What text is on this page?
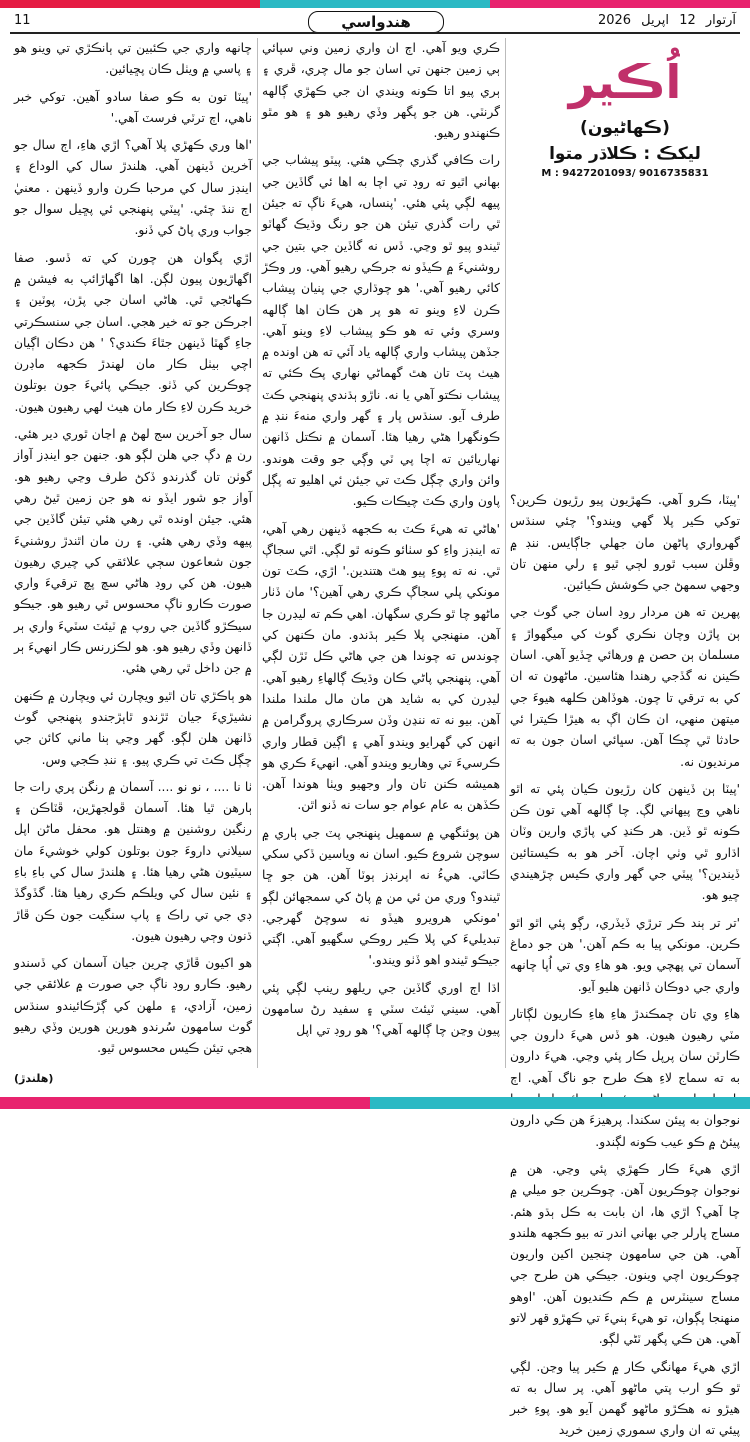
11	هندواسي	آرتوار 12 اپريل 2026
اُڪير
(ڪهاڻيون)
ليکڪ : ڪلاڌر متوا
M : 9427201093/ 9016735831

'پيٽا، ڪرو آهي. ڪهڙيون پيو رڙيون ڪرين؟ توکي ڪير پلا گهي ويندو؟' چئي سنڌس گهرواري پاڻهن مان جهلي جاڳايس. ننڊ ۾ وڦلن سبب ٿورو لڄي ٿيو ۽ رلي منهن تان وجهي سمهڻ جي ڪوشش ڪيائين.

پهرين ته هن مردار روڊ اسان جي گوٺ جي ٻن پاڙن وچان نڪري گوٺ کي ميگهواڙ ۽ مسلمان ٻن حصن ۾ ورهائي ڇڏيو آهي. اسان ڪينن نه گڏجي رهندا هئاسين. ماڻهون ته ان کي به ترقي تا چون. هوڏاهن ڪلهه هيوءَ جي ميتهن منهي، ان ڪان اڳ به هيڙا ڪيترا ئي حادثا ٿي چڪا آهن. سڀائي اسان جون به ته مرندیون نه.

'پيٽا ٻن ڏينهن کان رڙيون ڪيان پئي ته اٿو ناهي وڃ پيهاني لڳ. چا ڳالهه آهي تون ڪن ڪونه ٿو ڏين. هر ڪنڍ کي پاڙي وارين وٽان اڌارو ٿي وٺي اچان. آخر هو به ڪيستائين ڏيندين؟' پيٽي جي گهر واري ڪيس چڙهيندي چيو هو.

'تر تر ٻند ڪر ترڙي ڏيڏري، رڳو پئي اٿو اٿو ڪرين. مونکي پيا به ڪم آهن.' هن جو دماغ آسمان تي پهچي ويو. هو هاءِ وي تي اُپا چانهه واري جي دوڪان ڏانهن هليو آيو.

هاءِ وي تان چمڪندڙ هاءِ هاءِ ڪاريون لڳاتار مٽي رهيون هيون. هو ڏس هيءَ دارون جي ڪارٽن سان پرپل ڪار پئي وڃي. هيءَ دارون به ته سماج لاءِ هڪ طرح جو ناگ آهي. اڄ نوجوان به پيئن سکندا. پرهيزءَ هن ڪي دارون پيئڻ ۾ ڪو عيب ڪونه لڳندو.

اڙي هيءَ ڪار ڪهڙي پئي وڃي. هن ۾ نوجوان چوڪريون آهن. چوڪرين جو ميلي ۾ چا آهي؟ اڙي ها، ان بابت به ڪل ٻڌو هئم. مساج پارلر جي بهاني اندر ته بيو ڪجهه هلندو آهي. هن جي سامهون چنجين اکين واريون چوڪريون اچي وينون. جيڪي هن طرح جي مساج سينٽرس ۾ ڪم ڪنديون آهن. 'اوهو منهنجا پڳوان، تو هيءَ ٻنيءَ تي ڪهڙو قهر لاتو آهي. هن ڪي پگهر ٽڻي لڳو.

اڙي هيءَ مهانگي ڪار ۾ ڪير پيا وڃن. لڳي ٿو ڪو ارب پتي ماڻهو آهي. پر سال به ته هيڙو نه هڪڙو ماڻهو گهمن آيو هو. پوءِ خبر پيئي ته ان واري سموري زمين خريد

ڪري ويو آهي. اڄ ان واري زمين وني سپائي ٻي زمين جنهن تي اسان جو مال چري، ڦري ۽ ٻري پيو اتا ڪونه ويندي ان جي ڪهڙي ڳالهه گرنٽي. هن جو پگهر وڏي رهيو هو ۽ هو مٿو ڪنهندو رهيو.

رات ڪافي گذري چڪي هئي. پيٽو پيشاب جي بهاني اٿيو ته روڊ تي اچا به اها ئي گاڏين جي پيهه لڳي پئي هئي. 'پنساں، هيءَ ناڳ ته جيئن ٿي رات گذري تيئن هن جو رنگ وڌيڪ گهاٽو ٿيندو پيو ٿو وڃي. ڏس نه گاڏين جي بتين جي روشنيءَ ۾ ڪيڏو نه جرڪي رهيو آهي. ور وڪڙ کائي رهيو آهي.' هو چوڌاري جي پنيان پيشاب ڪرن لاءِ وينو ته هو پر هن ڪان اها ڳالهه وسري وئي ته هو ڪو پيشاب لاءِ وينو آهي. جڏهن پيشاب واري ڳالهه ياد آئي ته هن اونده ۾ هيٺ پٽ تان هٿ گهماڻي نهاري پڪ ڪئي ته پيشاب نڪتو آهي يا نه. ناڙو ٻڌندي پنهنجي ڪٽ طرف آيو. سنڌس پار ۽ گهر واري منهءَ ننڊ ۾ ڪونگهرا هڻي رهيا هئا. آسمان ۾ نڪتل ڏانهن نهاريائين ته اچا پي ٽي وڳي جو وقت هوندو. وائن واري چڳل ڪٽ تي جيئن ئي اهليو ته پڳل پاون واري ڪٽ چيڪات ڪيو.

'هاڻي ته هيءَ ڪٽ به ڪجهه ڏينهن رهي آهي، ته اينڊز واءِ کو سٺائو ڪونه ٿو لڳي. اٿي سجاڳ ٿي. نه ته پوءِ پيو هٿ هتندين.' اڙي، ڪٽ تون مونکي پلي سجاڳ ڪري رهي آهين؟' مان ڏٺار ماڻهو چا ٿو ڪري سگهان. اهي ڪم ته ليڊرن جا آهن. منهنجي پلا ڪير ٻڌندو. مان ڪنهن کي چوندس ته چوندا هن جي هاڻي ڪل ٽڙن لڳي آهي. پنهنجي پاڻي ڪان وڌيڪ ڳالهاءِ رهيو آهي. ليڊرن کي به شايد هن مان مال ملندا ملندا آهن. بيو نه ته ننڍن وڏن سرڪاري پروگرامن ۾ انهن کي گهرايو ويندو آهي ۽ اڳين قطار واري ڪرسيءَ تي وهاريو ويندو آهي. انهيءَ ڪري هو هميشه ڪنن تان وار وجهيو ويٺا هوندا آهن. ڪڏهن به عام عوام جو سات نه ڏنو اٿن.

هن پوئنگهي ۾ سمهيل پنهنجي پٽ جي ٻاري ۾ سوچن شروع ڪيو. اسان نه وياسين ڏکي سکي ڪاٽي. هيءُ نه اپرنڊز ٻوٽا آهن. هن جو ڇا ٿيندو؟ وري من ئي من ۾ پاڻ کي سمجهائن لڳو 'مونکي هرويرو هيڏو نه سوچڻ گهرجي. تبديليءَ کي پلا ڪير روڪي سگهيو آهي. اڳتي جيڪو ٿيندو اهو ڏٺو ويندو.'

اڌا اڄ اوري گاڏين جي ريلهو رينپ لڳي پئي آهي. سيني ٽيئٽ سٽي ۽ سفيد رڻ سامهون پيون وڃن چا ڳالهه آهي؟' هو روڊ تي اپل

چانهه واري جي ڪئبين تي ٻانڪڙي تي وينو هو ۽ پاسي ۾ ويٺل ڪان پڇيائين.

'پيٽا تون به ڪو صفا سادو آهين. توکي خبر ناهي، اڄ ترٽي فرسٽ آهي.'

'اها وري ڪهڙي پلا آهي؟ اڙي هاءِ، اڄ سال جو آخرين ڏينهن آهي. هلندڙ سال کي الوداع ۽ اينڊز سال کي مرحبا ڪرن وارو ڏينهن . معنيٰ اڄ ننڌ چئي. 'پيٽي پنهنجي ئي پڇيل سوال جو جواب وري پاڻ کي ڏنو.

اڙي پگوان هن چورن کي ته ڏسو. صفا اگهاڙيون پيون لڳن. اها اگهاڙائپ به فيشن ۾ ڪهاڻجي ٿي. هاڻي اسان جي پڙن، پوٽين ۽ اجرڪن جو ته خير هجي. اسان جي سنسڪرتي جاءِ گهٽا ڏينهن جٿاءَ ڪندي؟ ' هن دڪان اڳيان اچي بيٺل ڪار مان لهندڙ ڪجهه ماڊرن چوڪرين کي ڏٺو. جيڪي پائيءَ جون بوتلون خريد ڪرن لاءِ ڪار مان هيٺ لهي رهيون هيون.

سال جو آخرين سج لهڻ ۾ اڃان ٿوري دير هئي. رن ۾ دڳ جي هلن لڳو هو. جنهن جو اينڊز آواز گوٺن تان گذرندو ڏکڻ طرف وڃي رهيو هو. آواز جو شور ايڏو نه هو جن زمين ٿيڻ رهي هئي. جيئن اونده ٿي رهي هئي تيئن گاڏين جي پيهه وڏي رهي هئي. ۽ رن مان اٿندڙ روشنيءَ جون شعاعون سڄي علائقي کي چيري رهيون هيون. هن کي روڊ هاڻي سچ پچ ترقيءَ واري صورت ڪارو ناڳ محسوس ٿي رهيو هو. جيڪو سيڪڙو گاڏين جي روپ ۾ ٽيئٽ سٽيءَ واري ٻر ڏانهن وڏي رهيو هو. هو لڪزرنس ڪار انهيءَ ٻر ۾ جن داخل ٿي رهي هئي.

هو ٻاڪڙي تان اٿيو ويچارن ئي ويچارن ۾ ڪنهن نشيڙيءَ جيان ٿڙندو ٿاٻڙجندو پنهنجي گوٺ ڏانهن هلن لڳو. گهر وڃي ٻنا ماني کائن جي چڳل ڪٽ تي ڪري پيو. ۽ ننڊ ڪجي وس.

ٺا نا .... ، نو نو .... آسمان ۾ رنگن پري رات جا ٻارهن ٿيا هئا. آسمان ڦولجهڙين، ڦٽاڪن ۽ رنگين روشنين ۾ وهنتل هو. محفل ماڻن اپل سيلاني داروءَ جون بوتلون کولي خوشيءَ مان سيٽيون هڻي رهيا هئا. ۽ هلندڙ سال کي باءِ باءِ ۽ نئين سال کي ويلڪم ڪري رهيا هئا. گڏوگڏ ڊي جي تي راڪ ۽ پاپ سنگيت جون ڪن ڦاڙ ڌنون وڄي رهيون هيون.

هو اکيون ڦاڙي چرين جيان آسمان کي ڏسندو رهيو. ڪارو روڊ ناڳ جي صورت ۾ علائقي جي زمين، آزادي، ۽ ملهن کي ڳڙڪائيندو سنڌس گوٺ سامهون سُرندو هورين هورين وڏي رهيو هجي تيئن ڪيس محسوس ٿيو.

(هلندڙ)
